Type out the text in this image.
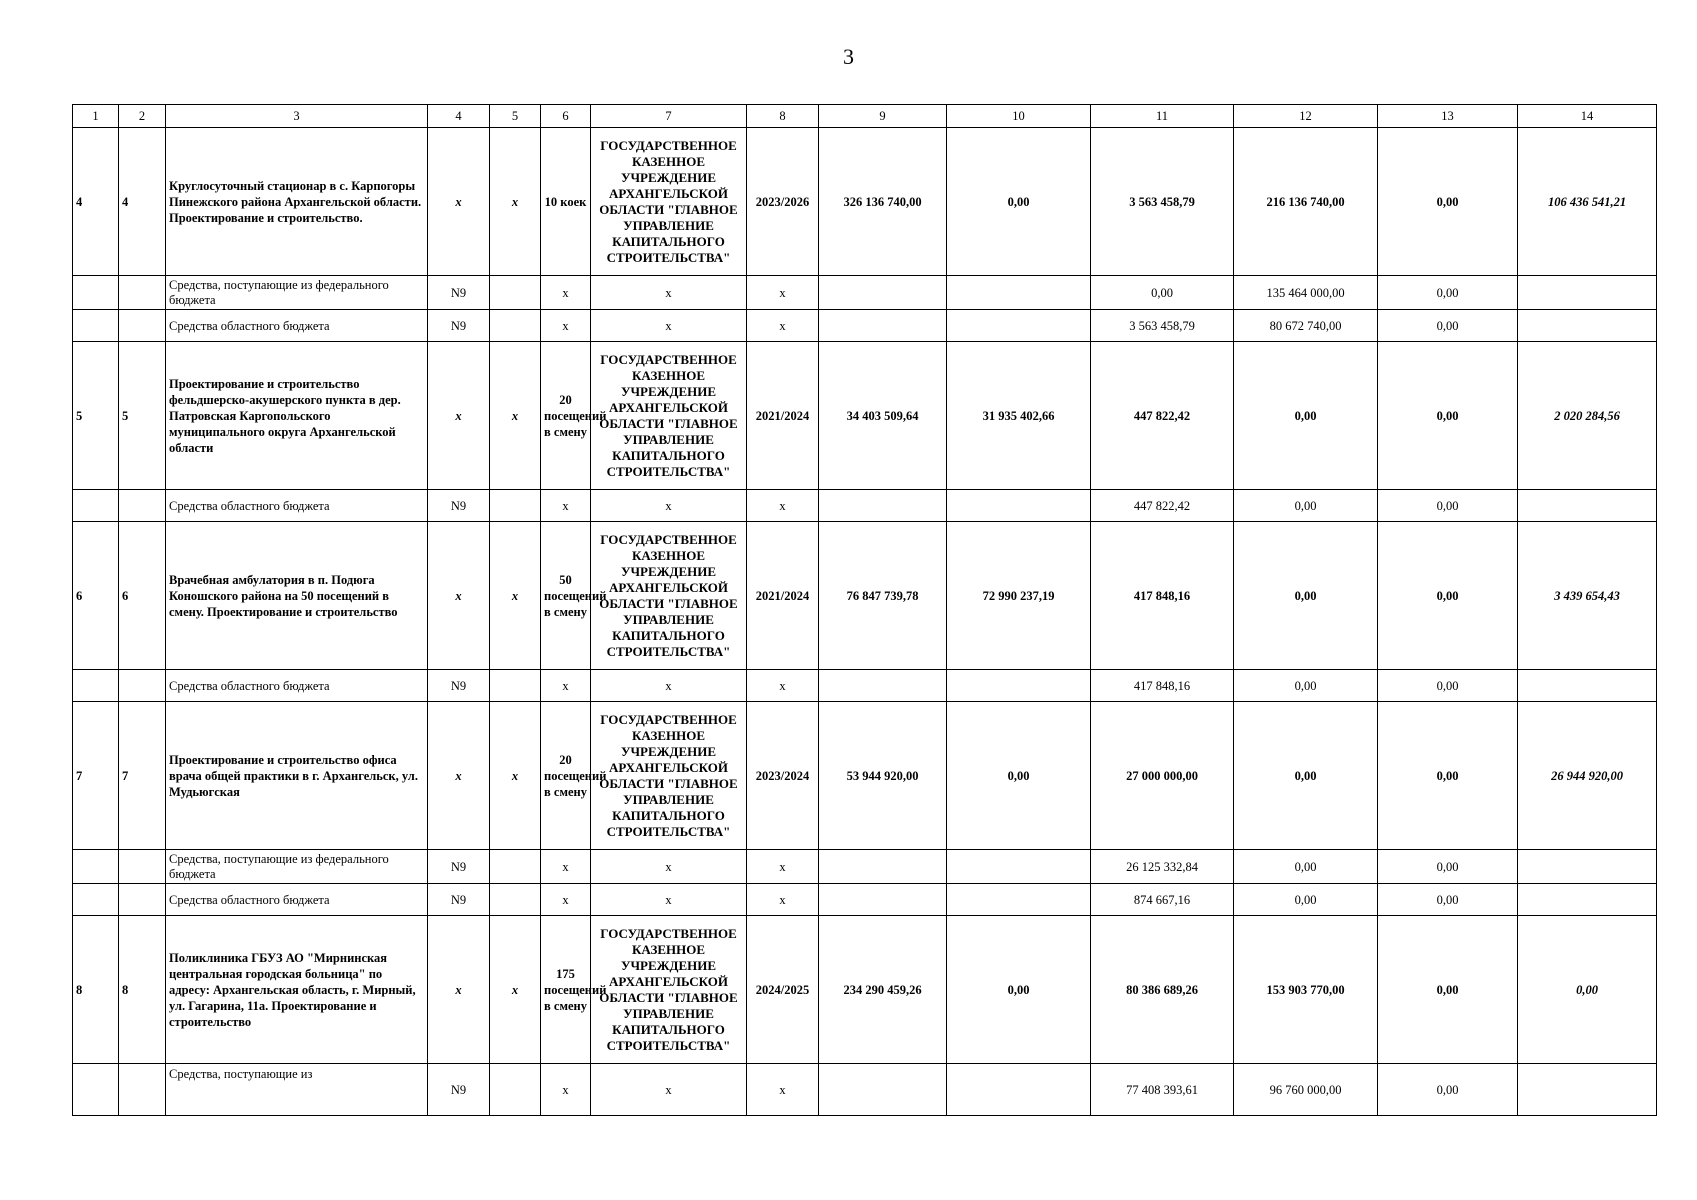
3
1	2	3	4	5	6	7	8	9	10	11	12	13	14
4	4	Круглосуточный стационар в с. Карпогоры Пинежского района Архангельской области. Проектирование и строительство.	x	x	10 коек	ГОСУДАРСТВЕННОЕ КАЗЕННОЕ УЧРЕЖДЕНИЕ АРХАНГЕЛЬСКОЙ ОБЛАСТИ "ГЛАВНОЕ УПРАВЛЕНИЕ КАПИТАЛЬНОГО СТРОИТЕЛЬСТВА"	2023/2026	326 136 740,00	0,00	3 563 458,79	216 136 740,00	0,00	106 436 541,21
		Средства, поступающие из федерального бюджета	N9		x	x	x			0,00	135 464 000,00	0,00	
		Средства областного бюджета	N9		x	x	x			3 563 458,79	80 672 740,00	0,00	
5	5	Проектирование и строительство фельдшерско-акушерского пункта в дер. Патровская Каргопольского муниципального округа Архангельской области	x	x	20 посещений в смену	ГОСУДАРСТВЕННОЕ КАЗЕННОЕ УЧРЕЖДЕНИЕ АРХАНГЕЛЬСКОЙ ОБЛАСТИ "ГЛАВНОЕ УПРАВЛЕНИЕ КАПИТАЛЬНОГО СТРОИТЕЛЬСТВА"	2021/2024	34 403 509,64	31 935 402,66	447 822,42	0,00	0,00	2 020 284,56
		Средства областного бюджета	N9		x	x	x			447 822,42	0,00	0,00	
6	6	Врачебная амбулатория в п. Подюга Коношского района на 50 посещений в смену. Проектирование и строительство	x	x	50 посещений в смену	ГОСУДАРСТВЕННОЕ КАЗЕННОЕ УЧРЕЖДЕНИЕ АРХАНГЕЛЬСКОЙ ОБЛАСТИ "ГЛАВНОЕ УПРАВЛЕНИЕ КАПИТАЛЬНОГО СТРОИТЕЛЬСТВА"	2021/2024	76 847 739,78	72 990 237,19	417 848,16	0,00	0,00	3 439 654,43
		Средства областного бюджета	N9		x	x	x			417 848,16	0,00	0,00	
7	7	Проектирование и строительство офиса врача общей практики в г. Архангельск, ул. Мудьюгская	x	x	20 посещений в смену	ГОСУДАРСТВЕННОЕ КАЗЕННОЕ УЧРЕЖДЕНИЕ АРХАНГЕЛЬСКОЙ ОБЛАСТИ "ГЛАВНОЕ УПРАВЛЕНИЕ КАПИТАЛЬНОГО СТРОИТЕЛЬСТВА"	2023/2024	53 944 920,00	0,00	27 000 000,00	0,00	0,00	26 944 920,00
		Средства, поступающие из федерального бюджета	N9		x	x	x			26 125 332,84	0,00	0,00	
		Средства областного бюджета	N9		x	x	x			874 667,16	0,00	0,00	
8	8	Поликлиника ГБУЗ АО "Мирнинская центральная городская больница" по адресу: Архангельская область, г. Мирный, ул. Гагарина, 11а. Проектирование и строительство	x	x	175 посещений в смену	ГОСУДАРСТВЕННОЕ КАЗЕННОЕ УЧРЕЖДЕНИЕ АРХАНГЕЛЬСКОЙ ОБЛАСТИ "ГЛАВНОЕ УПРАВЛЕНИЕ КАПИТАЛЬНОГО СТРОИТЕЛЬСТВА"	2024/2025	234 290 459,26	0,00	80 386 689,26	153 903 770,00	0,00	0,00
		Средства, поступающие из	N9		x	x	x			77 408 393,61	96 760 000,00	0,00	
